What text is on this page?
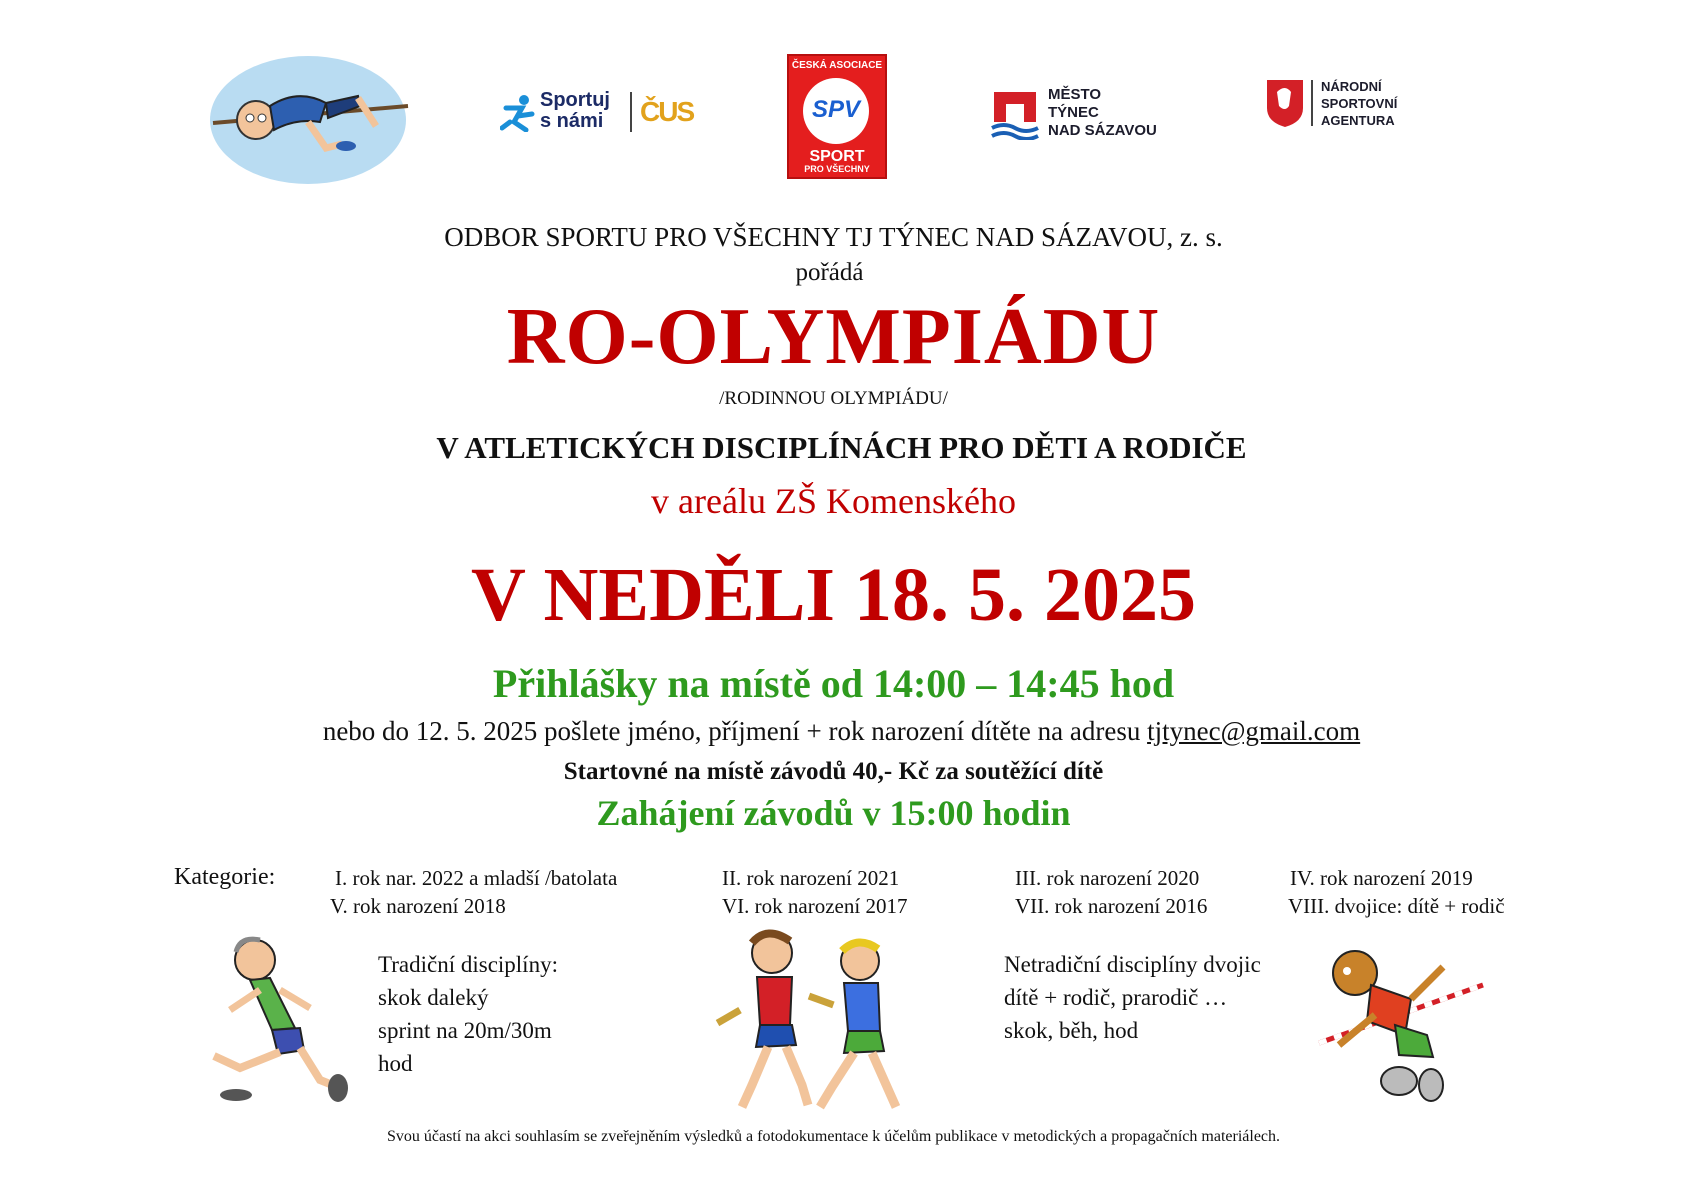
Sportuj
s námi ČUS
ČESKÁ ASOCIACE
SPV
SPORT
PRO VŠECHNY
MĚSTO
TÝNEC
NAD SÁZAVOU
NÁRODNÍ
SPORTOVNÍ
AGENTURA
ODBOR SPORTU PRO VŠECHNY TJ TÝNEC NAD SÁZAVOU, z. s.
pořádá
RO-OLYMPIÁDU
/RODINNOU OLYMPIÁDU/
V ATLETICKÝCH DISCIPLÍNÁCH PRO DĚTI A RODIČE
v areálu ZŠ Komenského
V NEDĚLI 18. 5. 2025
Přihlášky na místě od 14:00 – 14:45 hod
nebo do 12. 5. 2025 pošlete jméno, příjmení + rok narození dítěte na adresu tjtynec@gmail.com
Startovné na místě závodů 40,- Kč za soutěžící dítě
Zahájení závodů v 15:00 hodin
Kategorie:	I. rok nar. 2022 a mladší /batolata	II. rok narození 2021	III. rok narození 2020	IV. rok narození 2019
V. rok narození 2018	VI. rok narození 2017	VII. rok narození 2016	VIII. dvojice: dítě + rodič
Tradiční disciplíny:
skok daleký
sprint na 20m/30m
hod
Netradiční disciplíny dvojic
dítě + rodič, prarodič …
skok, běh, hod
Svou účastí na akci souhlasím se zveřejněním výsledků a fotodokumentace k účelům publikace v metodických a propagačních materiálech.
